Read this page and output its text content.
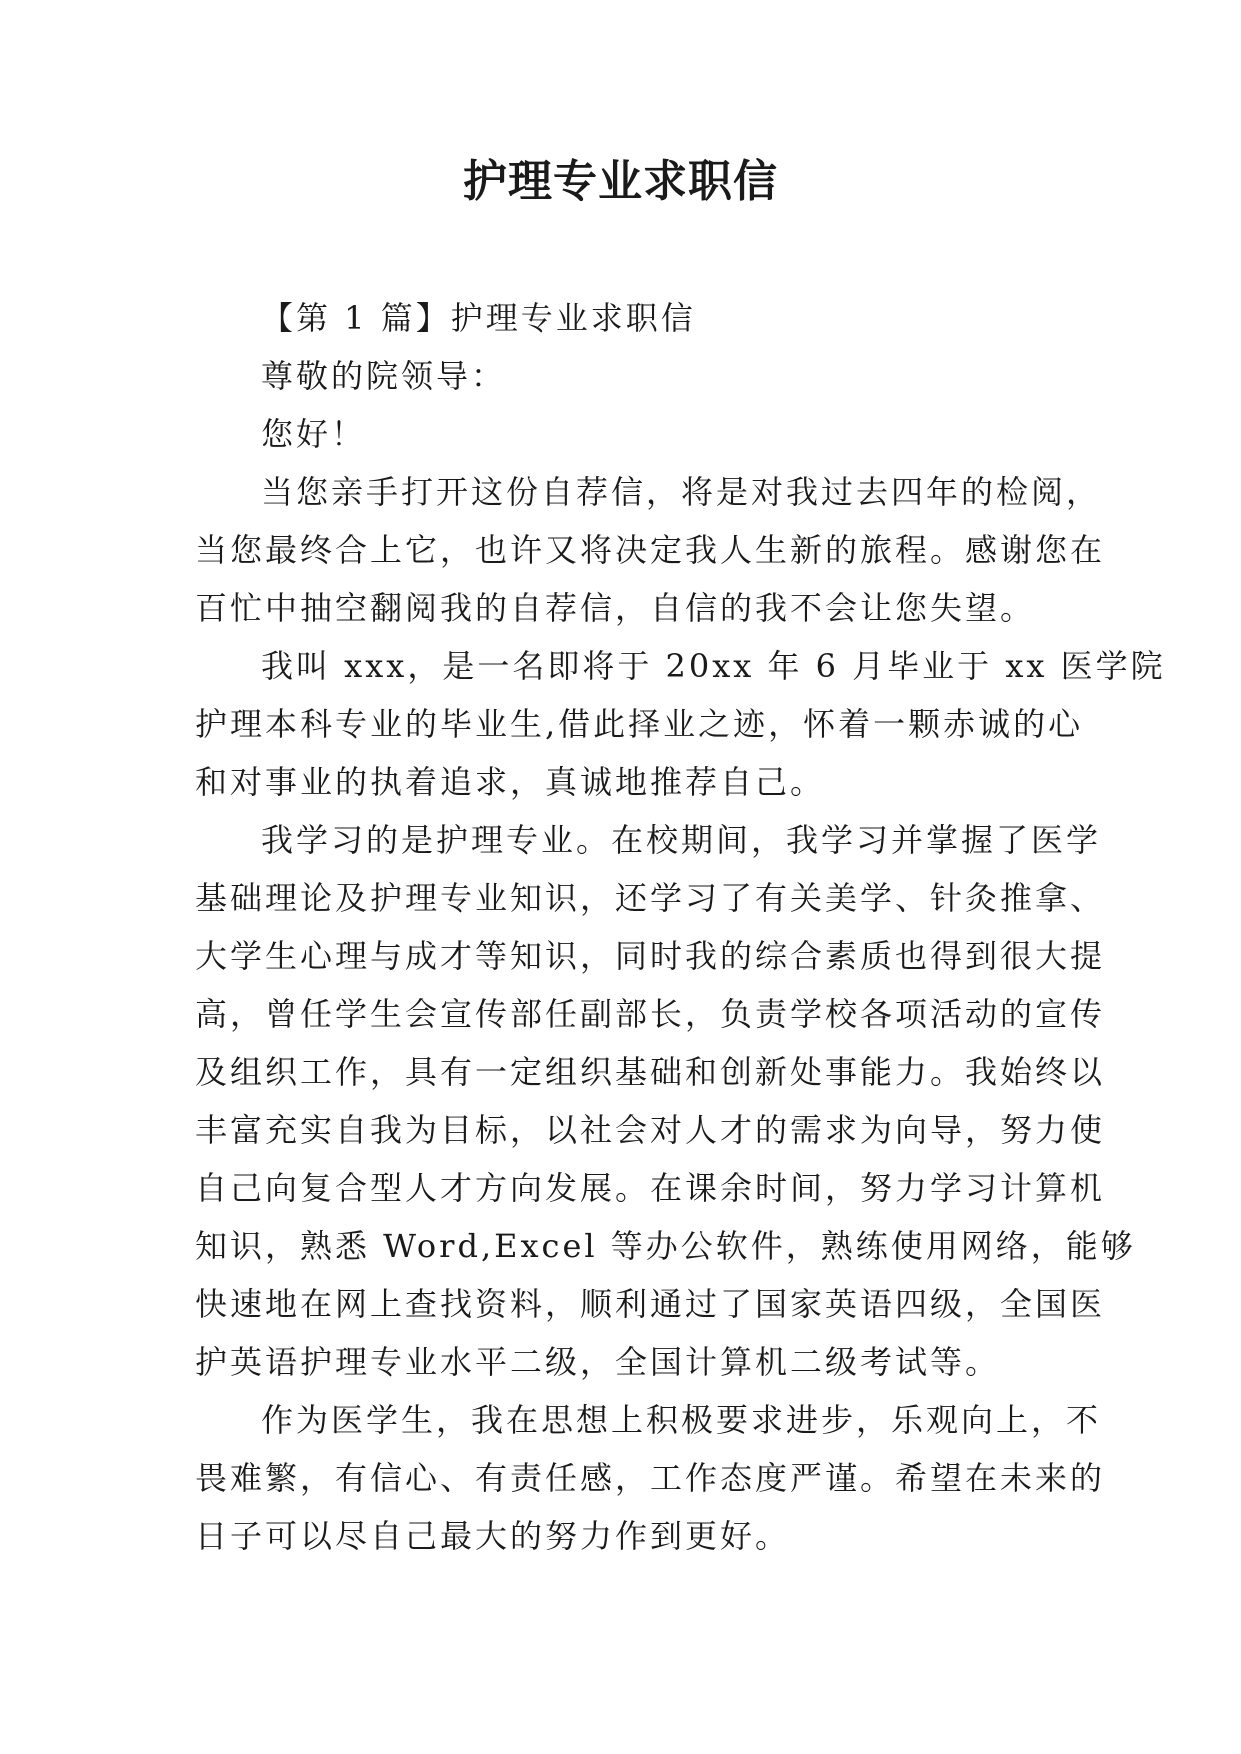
护理专业求职信

【第 1 篇】护理专业求职信

尊敬的院领导：

您好！

当您亲手打开这份自荐信，将是对我过去四年的检阅，

当您最终合上它，也许又将决定我人生新的旅程。感谢您在

百忙中抽空翻阅我的自荐信，自信的我不会让您失望。

我叫 xxx，是一名即将于 20xx 年 6 月毕业于 xx 医学院

护理本科专业的毕业生,借此择业之迹，怀着一颗赤诚的心

和对事业的执着追求，真诚地推荐自己。

我学习的是护理专业。在校期间，我学习并掌握了医学

基础理论及护理专业知识，还学习了有关美学、针灸推拿、

大学生心理与成才等知识，同时我的综合素质也得到很大提

高，曾任学生会宣传部任副部长，负责学校各项活动的宣传

及组织工作，具有一定组织基础和创新处事能力。我始终以

丰富充实自我为目标，以社会对人才的需求为向导，努力使

自己向复合型人才方向发展。在课余时间，努力学习计算机

知识，熟悉 Word,Excel 等办公软件，熟练使用网络，能够

快速地在网上查找资料，顺利通过了国家英语四级，全国医

护英语护理专业水平二级，全国计算机二级考试等。

作为医学生，我在思想上积极要求进步，乐观向上，不

畏难繁，有信心、有责任感，工作态度严谨。希望在未来的

日子可以尽自己最大的努力作到更好。
